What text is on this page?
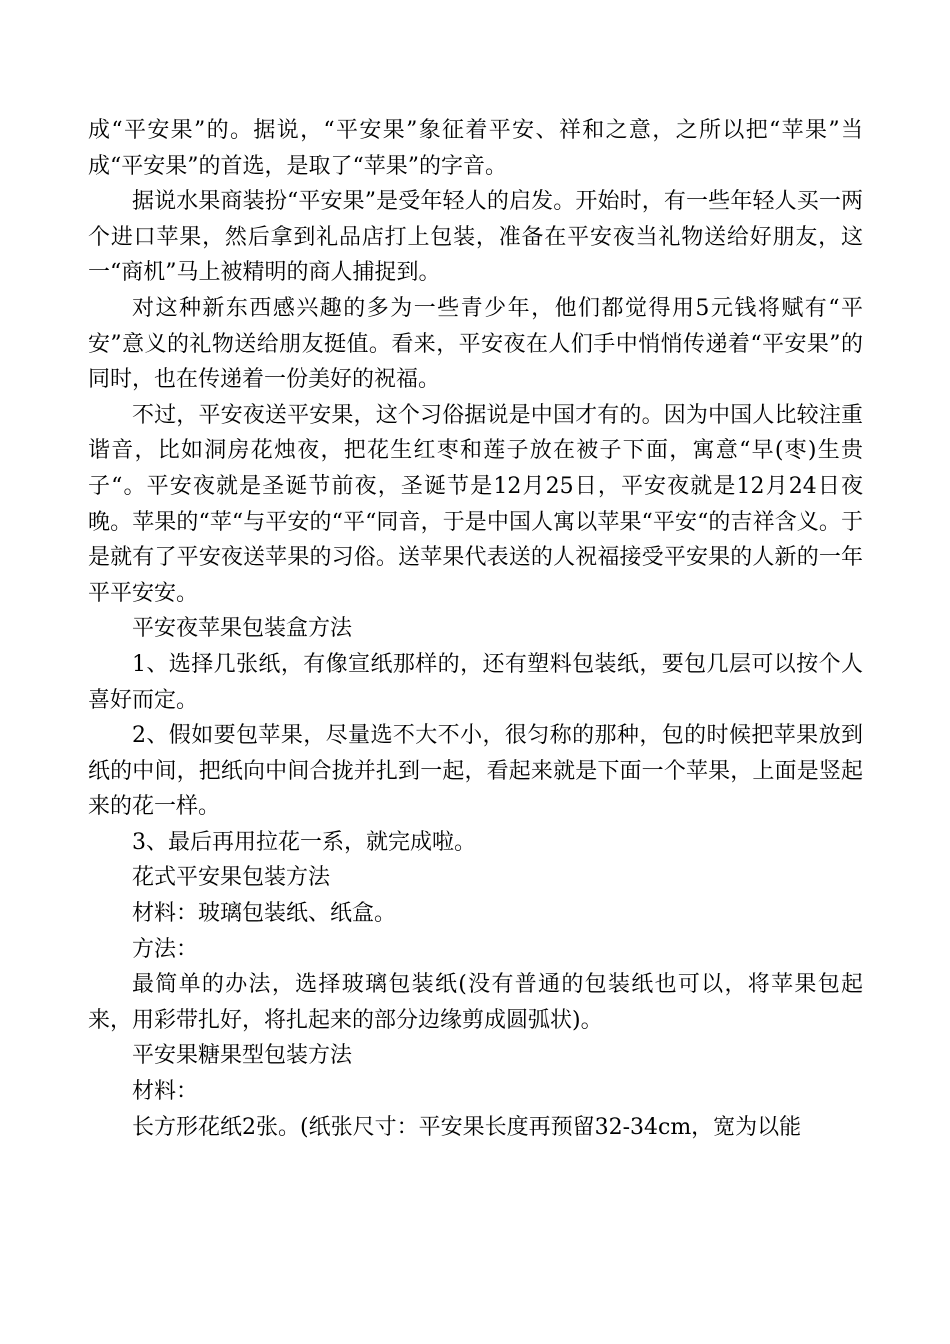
成“平安果”的。据说，“平安果”象征着平安、祥和之意，之所以把“苹果”当成“平安果”的首选，是取了“苹果”的字音。

据说水果商装扮“平安果”是受年轻人的启发。开始时，有一些年轻人买一两个进口苹果，然后拿到礼品店打上包装，准备在平安夜当礼物送给好朋友，这一“商机”马上被精明的商人捕捉到。

对这种新东西感兴趣的多为一些青少年，他们都觉得用5元钱将赋有“平安”意义的礼物送给朋友挺值。看来，平安夜在人们手中悄悄传递着“平安果”的同时，也在传递着一份美好的祝福。

不过，平安夜送平安果，这个习俗据说是中国才有的。因为中国人比较注重谐音，比如洞房花烛夜，把花生红枣和莲子放在被子下面，寓意“早(枣)生贵子“。平安夜就是圣诞节前夜，圣诞节是12月25日，平安夜就是12月24日夜晚。苹果的“苹“与平安的“平“同音，于是中国人寓以苹果“平安“的吉祥含义。于是就有了平安夜送苹果的习俗。送苹果代表送的人祝福接受平安果的人新的一年平平安安。

平安夜苹果包装盒方法

1、选择几张纸，有像宣纸那样的，还有塑料包装纸，要包几层可以按个人喜好而定。

2、假如要包苹果，尽量选不大不小，很匀称的那种，包的时候把苹果放到纸的中间，把纸向中间合拢并扎到一起，看起来就是下面一个苹果，上面是竖起来的花一样。

3、最后再用拉花一系，就完成啦。

花式平安果包装方法

材料：玻璃包装纸、纸盒。

方法：

最简单的办法，选择玻璃包装纸(没有普通的包装纸也可以，将苹果包起来，用彩带扎好，将扎起来的部分边缘剪成圆弧状)。

平安果糖果型包装方法

材料：

长方形花纸2张。(纸张尺寸：平安果长度再预留32-34cm，宽为以能
